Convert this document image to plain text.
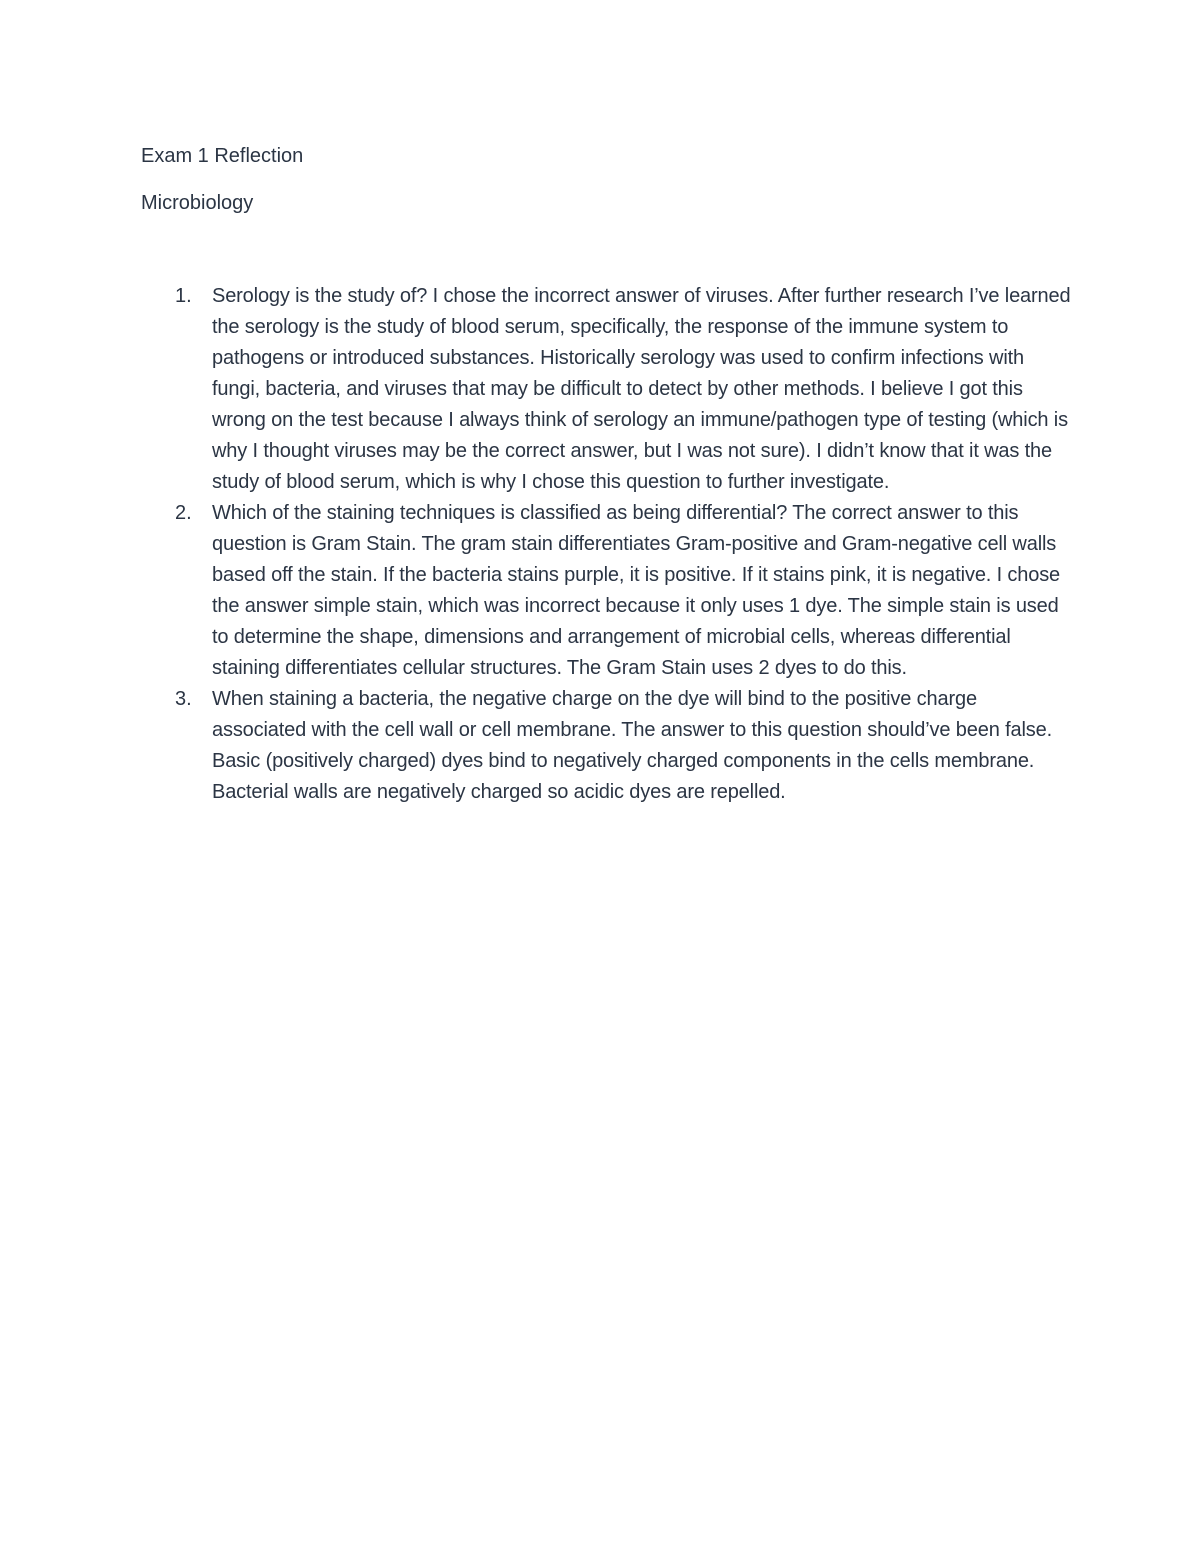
Exam 1 Reflection
Microbiology
1.	Serology is the study of? I chose the incorrect answer of viruses. After further research I’ve learned the serology is the study of blood serum, specifically, the response of the immune system to pathogens or introduced substances. Historically serology was used to confirm infections with fungi, bacteria, and viruses that may be difficult to detect by other methods. I believe I got this wrong on the test because I always think of serology an immune/pathogen type of testing (which is why I thought viruses may be the correct answer, but I was not sure). I didn’t know that it was the study of blood serum, which is why I chose this question to further investigate.
2.	Which of the staining techniques is classified as being differential? The correct answer to this question is Gram Stain. The gram stain differentiates Gram-positive and Gram-negative cell walls based off the stain. If the bacteria stains purple, it is positive. If it stains pink, it is negative. I chose the answer simple stain, which was incorrect because it only uses 1 dye. The simple stain is used to determine the shape, dimensions and arrangement of microbial cells, whereas differential staining differentiates cellular structures. The Gram Stain uses 2 dyes to do this.
3.	When staining a bacteria, the negative charge on the dye will bind to the positive charge associated with the cell wall or cell membrane. The answer to this question should’ve been false. Basic (positively charged) dyes bind to negatively charged components in the cells membrane. Bacterial walls are negatively charged so acidic dyes are repelled.
